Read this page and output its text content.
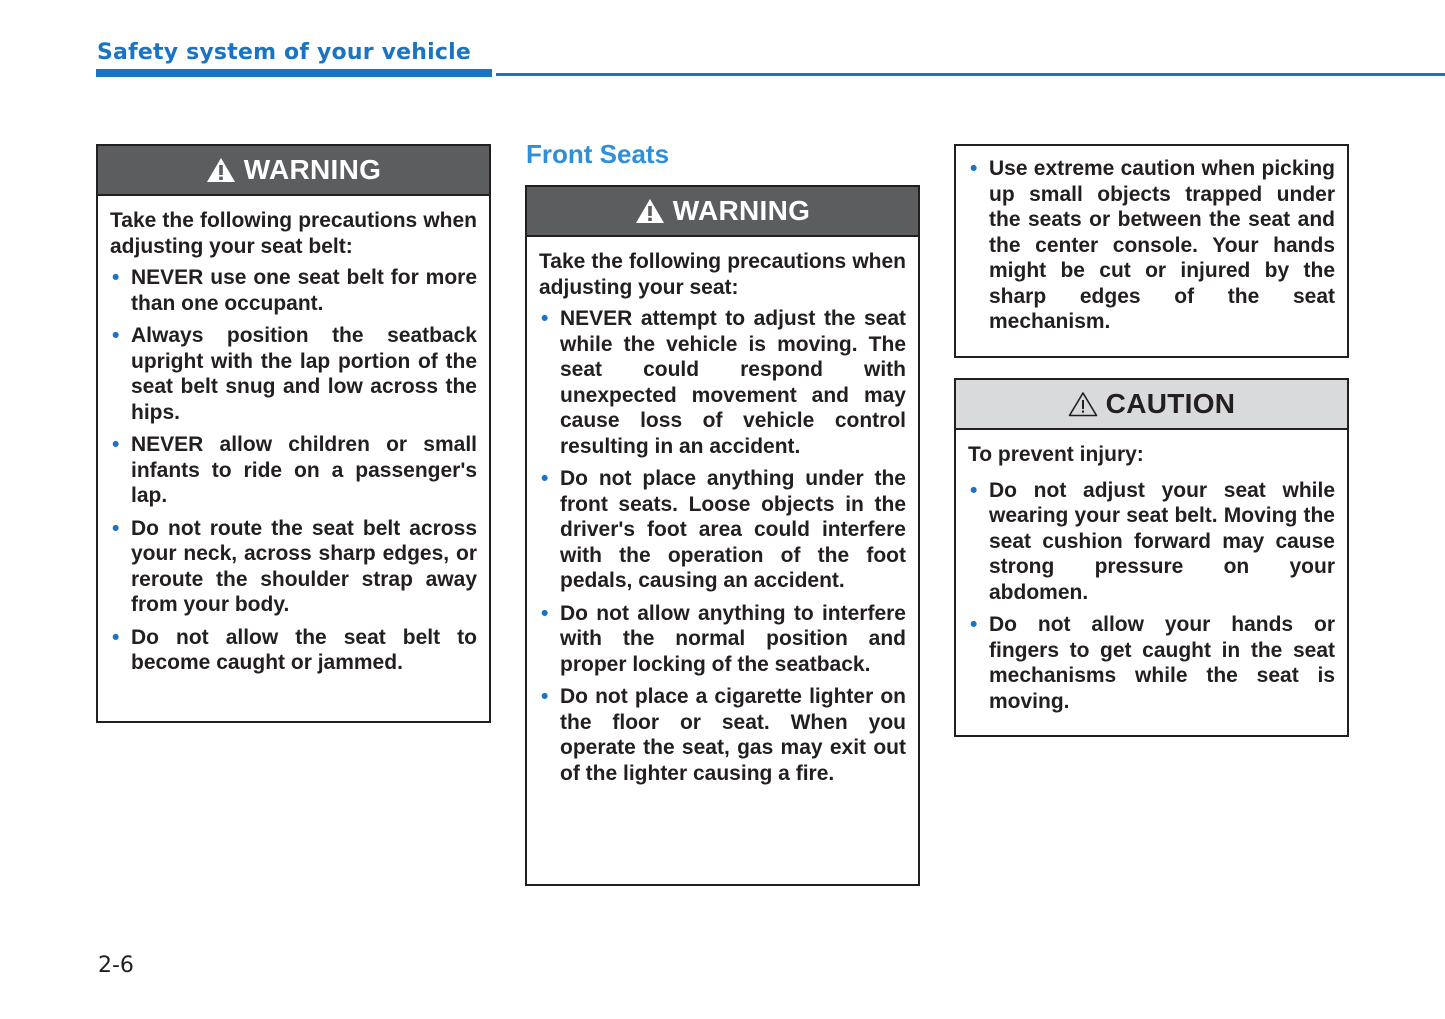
Safety system of your vehicle
WARNING

Take the following precautions when adjusting your seat belt:

• NEVER use one seat belt for more than one occupant.
• Always position the seatback upright with the lap portion of the seat belt snug and low across the hips.
• NEVER allow children or small infants to ride on a passenger's lap.
• Do not route the seat belt across your neck, across sharp edges, or reroute the shoulder strap away from your body.
• Do not allow the seat belt to become caught or jammed.
Front Seats
WARNING

Take the following precautions when adjusting your seat:

• NEVER attempt to adjust the seat while the vehicle is moving. The seat could respond with unexpected movement and may cause loss of vehicle control resulting in an accident.
• Do not place anything under the front seats. Loose objects in the driver's foot area could interfere with the operation of the foot pedals, causing an accident.
• Do not allow anything to interfere with the normal position and proper locking of the seatback.
• Do not place a cigarette lighter on the floor or seat. When you operate the seat, gas may exit out of the lighter causing a fire.
• Use extreme caution when picking up small objects trapped under the seats or between the seat and the center console. Your hands might be cut or injured by the sharp edges of the seat mechanism.
CAUTION

To prevent injury:

• Do not adjust your seat while wearing your seat belt. Moving the seat cushion forward may cause strong pressure on your abdomen.
• Do not allow your hands or fingers to get caught in the seat mechanisms while the seat is moving.
2-6
